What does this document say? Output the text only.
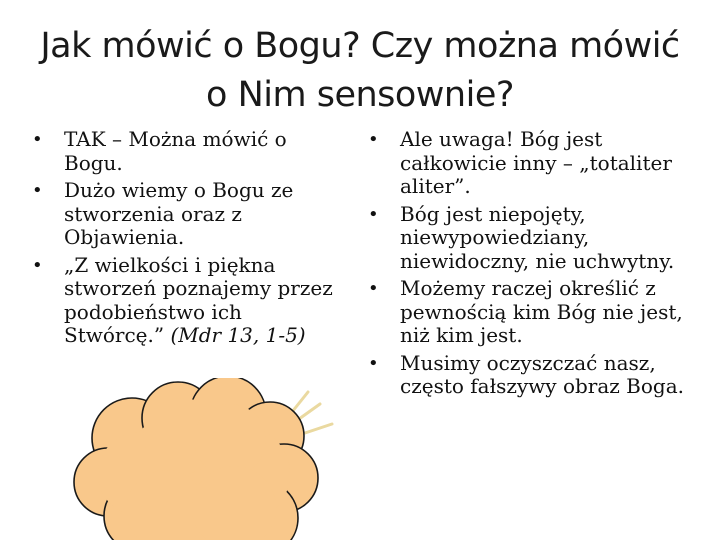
Jak mówić o Bogu? Czy można mówić
o Nim sensownie?
• TAK – Można mówić o Bogu.
• Dużo wiemy o Bogu ze stworzenia oraz z Objawienia.
• „Z wielkości i piękna stworzeń poznajemy przez podobieństwo ich Stwórcę.” (Mdr 13, 1-5)
• Ale uwaga! Bóg jest całkowicie inny – „totaliter aliter”.
• Bóg jest niepojęty, niewypowiedziany, niewidoczny, nie uchwytny.
• Możemy raczej określić z pewnością kim Bóg nie jest, niż kim jest.
• Musimy oczyszczać nasz, często fałszywy obraz Boga.
